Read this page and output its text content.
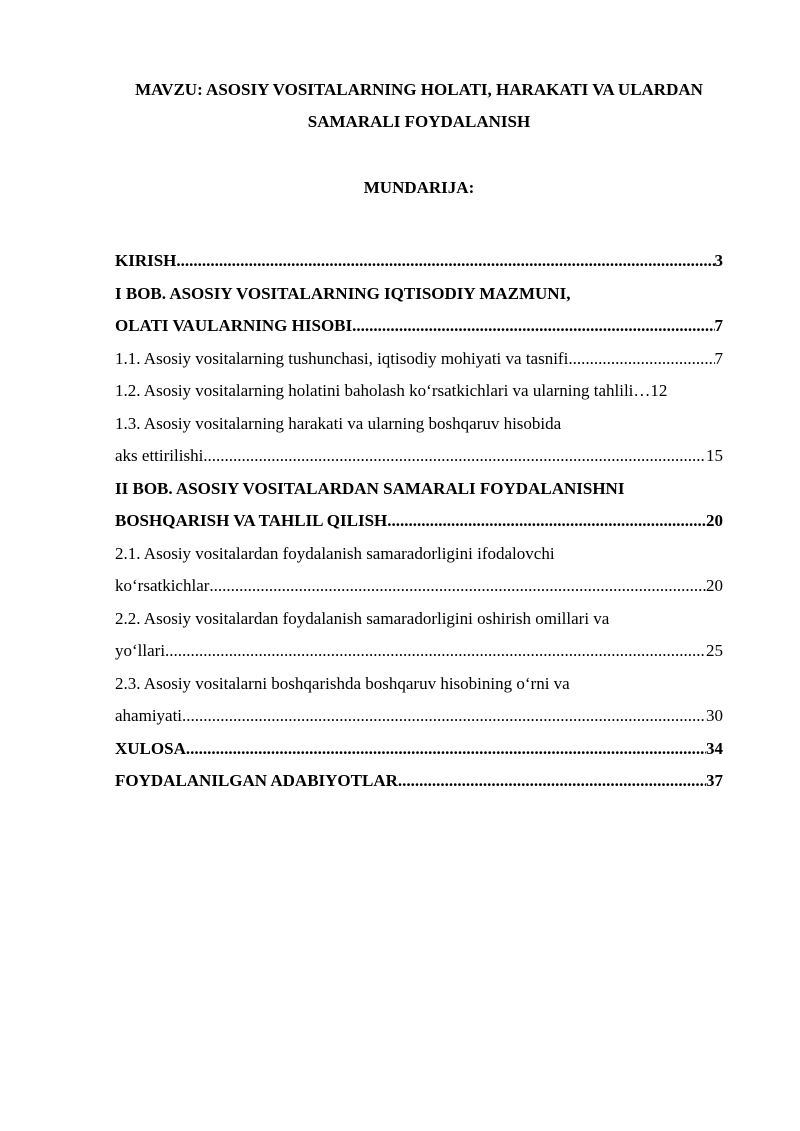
MAVZU: ASOSIY VOSITALARNING HOLATI, HARAKATI VA ULARDAN
SAMARALI FOYDALANISH
MUNDARIJA:
KIRISH .....	3
I BOB. ASOSIY VOSITALARNING IQTISODIY MAZMUNI,
OLATI VAULARNING HISOBI .....	7
1.1. Asosiy vositalarning tushunchasi, iqtisodiy mohiyati va tasnifi .....	7
1.2. Asosiy vositalarning holatini baholash ko‘rsatkichlari va ularning tahlili… 12
1.3. Asosiy vositalarning harakati va ularning boshqaruv hisobida
aks ettirilishi .....	15
II BOB. ASOSIY VOSITALARDAN SAMARALI FOYDALANISHNI
BOSHQARISH VA TAHLIL QILISH .....	20
2.1. Asosiy vositalardan foydalanish samaradorligini ifodalovchi
ko‘rsatkichlar .....	20
2.2. Asosiy vositalardan foydalanish samaradorligini oshirish omillari va
yo‘llari .....	25
2.3. Asosiy vositalarni boshqarishda boshqaruv hisobining o‘rni va
ahamiyati .....	30
XULOSA .....	34
FOYDALANILGAN ADABIYOTLAR .....	37
